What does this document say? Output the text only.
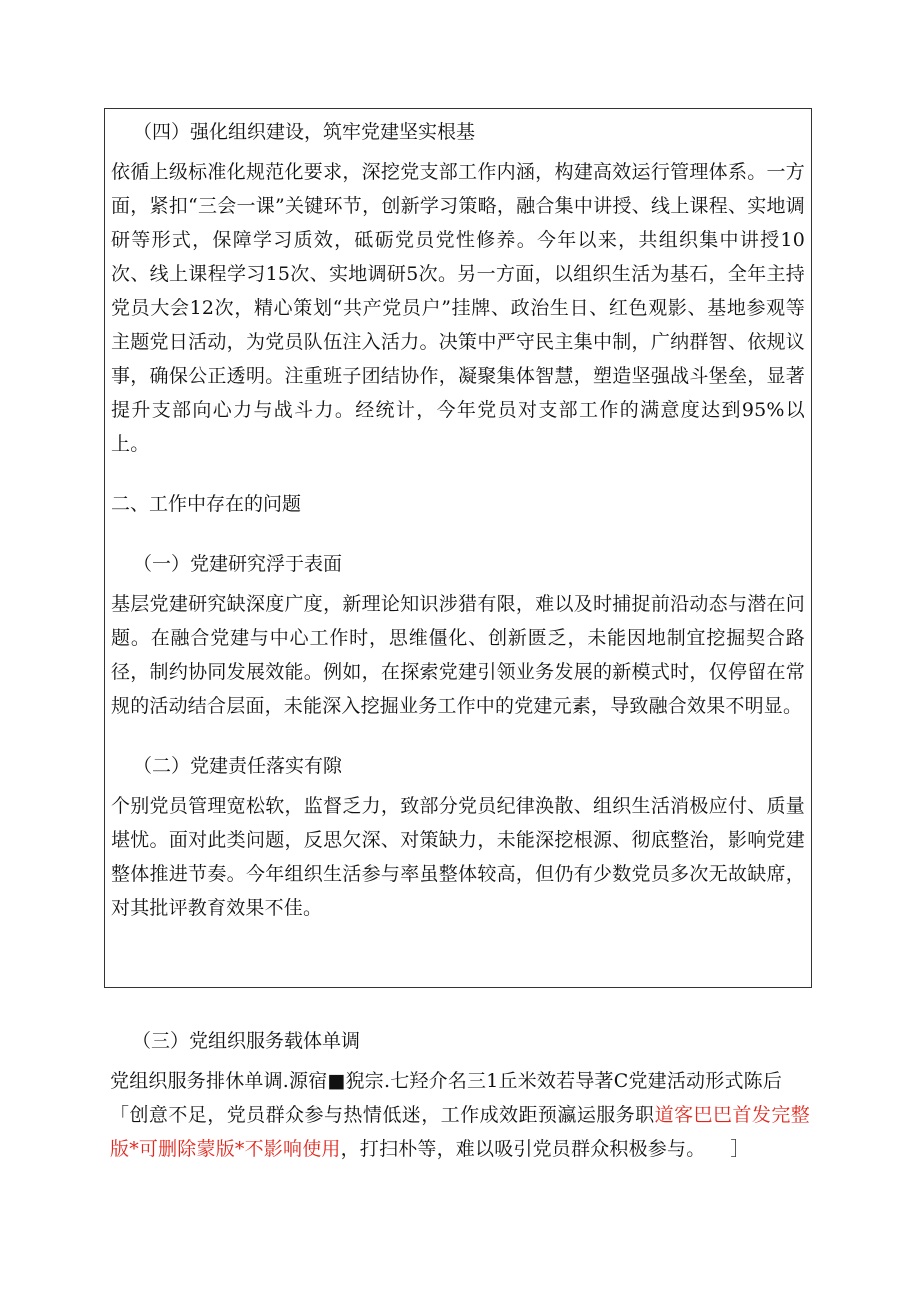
（四）强化组织建设，筑牢党建坚实根基

依循上级标准化规范化要求，深挖党支部工作内涵，构建高效运行管理体系。一方面，紧扣“三会一课”关键环节，创新学习策略，融合集中讲授、线上课程、实地调研等形式，保障学习质效，砥砺党员党性修养。今年以来，共组织集中讲授10次、线上课程学习15次、实地调研5次。另一方面，以组织生活为基石，全年主持党员大会12次，精心策划“共产党员户”挂牌、政治生日、红色观影、基地参观等主题党日活动，为党员队伍注入活力。决策中严守民主集中制，广纳群智、依规议事，确保公正透明。注重班子团结协作，凝聚集体智慧，塑造坚强战斗堡垒，显著提升支部向心力与战斗力。经统计，今年党员对支部工作的满意度达到95%以上。

二、工作中存在的问题

（一）党建研究浮于表面

基层党建研究缺深度广度，新理论知识涉猎有限，难以及时捕捉前沿动态与潜在问题。在融合党建与中心工作时，思维僵化、创新匮乏，未能因地制宜挖掘契合路径，制约协同发展效能。例如，在探索党建引领业务发展的新模式时，仅停留在常规的活动结合层面，未能深入挖掘业务工作中的党建元素，导致融合效果不明显。

（二）党建责任落实有隙

个别党员管理宽松软，监督乏力，致部分党员纪律涣散、组织生活消极应付、质量堪忧。面对此类问题，反思欠深、对策缺力，未能深挖根源、彻底整治，影响党建整体推进节奏。今年组织生活参与率虽整体较高，但仍有少数党员多次无故缺席，对其批评教育效果不佳。

（三）党组织服务载体单调

党组织服务排休单调.源宿■猊宗.七羟介名三1丘米效若导著C党建活动形式陈后

「创意不足，党员群众参与热情低迷，工作成效距预瀛运服务职道客巴巴首发完整版*可删除蒙版*不影响使用，打扫朴等，难以吸引党员群众积极参与。 ］
